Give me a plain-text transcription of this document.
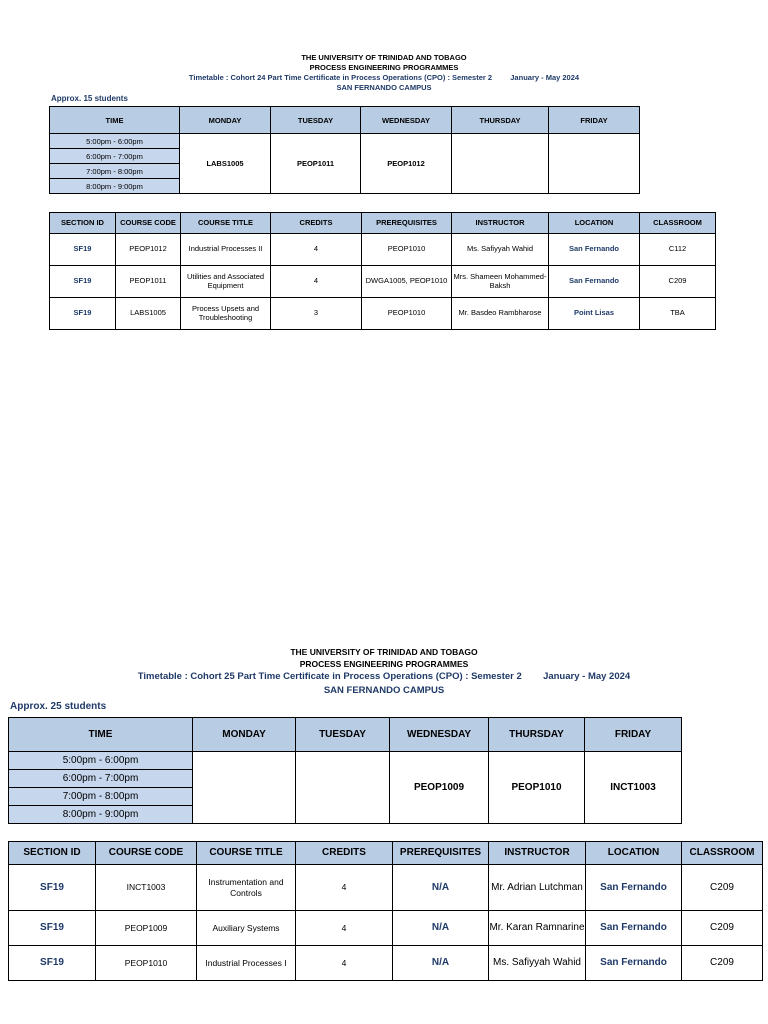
THE UNIVERSITY OF TRINIDAD AND TOBAGO
PROCESS ENGINEERING PROGRAMMES
Timetable : Cohort 24 Part Time Certificate in Process Operations (CPO) : Semester 2 January - May 2024
SAN FERNANDO CAMPUS
Approx. 15 students
TIME	MONDAY	TUESDAY	WEDNESDAY	THURSDAY	FRIDAY
5:00pm - 6:00pm	LABS1005	PEOP1011	PEOP1012		
6:00pm - 7:00pm					
7:00pm - 8:00pm					
8:00pm - 9:00pm					
SECTION ID	COURSE CODE	COURSE TITLE	CREDITS	PREREQUISITES	INSTRUCTOR	LOCATION	CLASSROOM
SF19	PEOP1012	Industrial Processes II	4	PEOP1010	Ms. Safiyyah Wahid	San Fernando	C112
SF19	PEOP1011	Utilities and Associated Equipment	4	DWGA1005, PEOP1010	Mrs. Shameen Mohammed-Baksh	San Fernando	C209
SF19	LABS1005	Process Upsets and Troubleshooting	3	PEOP1010	Mr. Basdeo Rambharose	Point Lisas	TBA
THE UNIVERSITY OF TRINIDAD AND TOBAGO
PROCESS ENGINEERING PROGRAMMES
Timetable : Cohort 25 Part Time Certificate in Process Operations (CPO) : Semester 2 January - May 2024
SAN FERNANDO CAMPUS
Approx. 25 students
TIME	MONDAY	TUESDAY	WEDNESDAY	THURSDAY	FRIDAY
5:00pm - 6:00pm			PEOP1009	PEOP1010	INCT1003
6:00pm - 7:00pm					
7:00pm - 8:00pm					
8:00pm - 9:00pm					
SECTION ID	COURSE CODE	COURSE TITLE	CREDITS	PREREQUISITES	INSTRUCTOR	LOCATION	CLASSROOM
SF19	INCT1003	Instrumentation and Controls	4	N/A	Mr. Adrian Lutchman	San Fernando	C209
SF19	PEOP1009	Auxiliary Systems	4	N/A	Mr. Karan Ramnarine	San Fernando	C209
SF19	PEOP1010	Industrial Processes I	4	N/A	Ms. Safiyyah Wahid	San Fernando	C209
